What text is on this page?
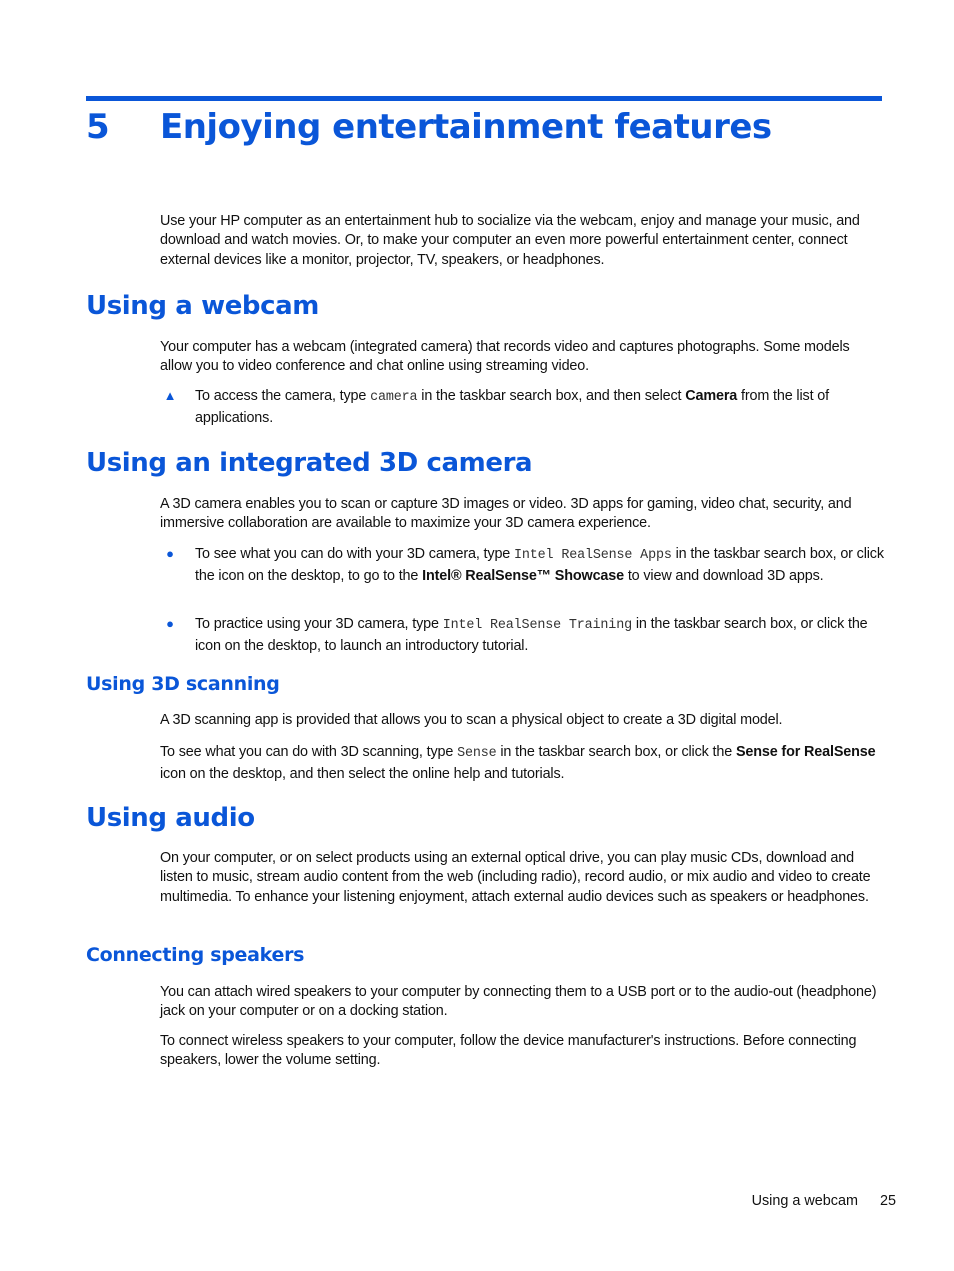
5 Enjoying entertainment features

Use your HP computer as an entertainment hub to socialize via the webcam, enjoy and manage your music, and download and watch movies. Or, to make your computer an even more powerful entertainment center, connect external devices like a monitor, projector, TV, speakers, or headphones.

Using a webcam

Your computer has a webcam (integrated camera) that records video and captures photographs. Some models allow you to video conference and chat online using streaming video.

▲ To access the camera, type camera in the taskbar search box, and then select Camera from the list of applications.

Using an integrated 3D camera

A 3D camera enables you to scan or capture 3D images or video. 3D apps for gaming, video chat, security, and immersive collaboration are available to maximize your 3D camera experience.

●	To see what you can do with your 3D camera, type Intel RealSense Apps in the taskbar search box, or click the icon on the desktop, to go to the Intel® RealSense™ Showcase to view and download 3D apps.

●	To practice using your 3D camera, type Intel RealSense Training in the taskbar search box, or click the icon on the desktop, to launch an introductory tutorial.

Using 3D scanning

A 3D scanning app is provided that allows you to scan a physical object to create a 3D digital model.

To see what you can do with 3D scanning, type Sense in the taskbar search box, or click the Sense for RealSense icon on the desktop, and then select the online help and tutorials.

Using audio

On your computer, or on select products using an external optical drive, you can play music CDs, download and listen to music, stream audio content from the web (including radio), record audio, or mix audio and video to create multimedia. To enhance your listening enjoyment, attach external audio devices such as speakers or headphones.

Connecting speakers

You can attach wired speakers to your computer by connecting them to a USB port or to the audio-out (headphone) jack on your computer or on a docking station.

To connect wireless speakers to your computer, follow the device manufacturer's instructions. Before connecting speakers, lower the volume setting.

Using a webcam 25
